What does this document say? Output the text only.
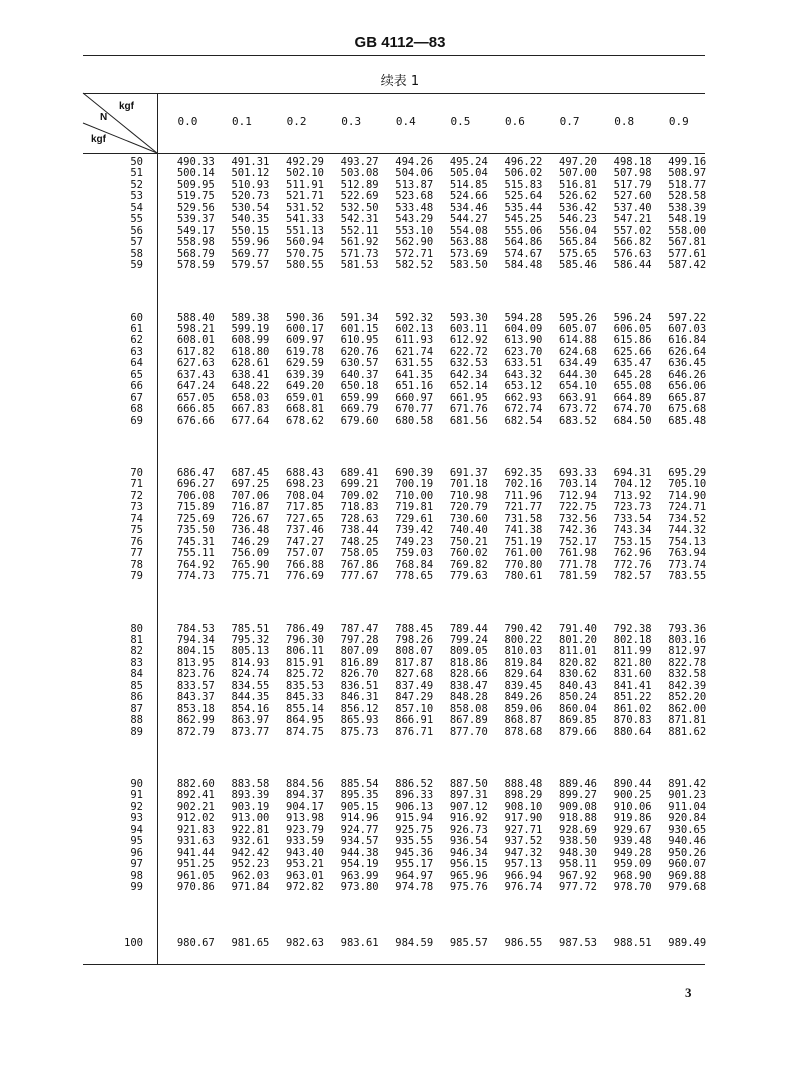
GB 4112—83
续表 1
kgf
N
kgf
0.0	0.1	0.2	0.3	0.4	0.5	0.6	0.7	0.8	0.9
50	490.33	491.31	492.29	493.27	494.26	495.24	496.22	497.20	498.18	499.16
51	500.14	501.12	502.10	503.08	504.06	505.04	506.02	507.00	507.98	508.97
52	509.95	510.93	511.91	512.89	513.87	514.85	515.83	516.81	517.79	518.77
53	519.75	520.73	521.71	522.69	523.68	524.66	525.64	526.62	527.60	528.58
54	529.56	530.54	531.52	532.50	533.48	534.46	535.44	536.42	537.40	538.39
55	539.37	540.35	541.33	542.31	543.29	544.27	545.25	546.23	547.21	548.19
56	549.17	550.15	551.13	552.11	553.10	554.08	555.06	556.04	557.02	558.00
57	558.98	559.96	560.94	561.92	562.90	563.88	564.86	565.84	566.82	567.81
58	568.79	569.77	570.75	571.73	572.71	573.69	574.67	575.65	576.63	577.61
59	578.59	579.57	580.55	581.53	582.52	583.50	584.48	585.46	586.44	587.42
60	588.40	589.38	590.36	591.34	592.32	593.30	594.28	595.26	596.24	597.22
61	598.21	599.19	600.17	601.15	602.13	603.11	604.09	605.07	606.05	607.03
62	608.01	608.99	609.97	610.95	611.93	612.92	613.90	614.88	615.86	616.84
63	617.82	618.80	619.78	620.76	621.74	622.72	623.70	624.68	625.66	626.64
64	627.63	628.61	629.59	630.57	631.55	632.53	633.51	634.49	635.47	636.45
65	637.43	638.41	639.39	640.37	641.35	642.34	643.32	644.30	645.28	646.26
66	647.24	648.22	649.20	650.18	651.16	652.14	653.12	654.10	655.08	656.06
67	657.05	658.03	659.01	659.99	660.97	661.95	662.93	663.91	664.89	665.87
68	666.85	667.83	668.81	669.79	670.77	671.76	672.74	673.72	674.70	675.68
69	676.66	677.64	678.62	679.60	680.58	681.56	682.54	683.52	684.50	685.48
70	686.47	687.45	688.43	689.41	690.39	691.37	692.35	693.33	694.31	695.29
71	696.27	697.25	698.23	699.21	700.19	701.18	702.16	703.14	704.12	705.10
72	706.08	707.06	708.04	709.02	710.00	710.98	711.96	712.94	713.92	714.90
73	715.89	716.87	717.85	718.83	719.81	720.79	721.77	722.75	723.73	724.71
74	725.69	726.67	727.65	728.63	729.61	730.60	731.58	732.56	733.54	734.52
75	735.50	736.48	737.46	738.44	739.42	740.40	741.38	742.36	743.34	744.32
76	745.31	746.29	747.27	748.25	749.23	750.21	751.19	752.17	753.15	754.13
77	755.11	756.09	757.07	758.05	759.03	760.02	761.00	761.98	762.96	763.94
78	764.92	765.90	766.88	767.86	768.84	769.82	770.80	771.78	772.76	773.74
79	774.73	775.71	776.69	777.67	778.65	779.63	780.61	781.59	782.57	783.55
80	784.53	785.51	786.49	787.47	788.45	789.44	790.42	791.40	792.38	793.36
81	794.34	795.32	796.30	797.28	798.26	799.24	800.22	801.20	802.18	803.16
82	804.15	805.13	806.11	807.09	808.07	809.05	810.03	811.01	811.99	812.97
83	813.95	814.93	815.91	816.89	817.87	818.86	819.84	820.82	821.80	822.78
84	823.76	824.74	825.72	826.70	827.68	828.66	829.64	830.62	831.60	832.58
85	833.57	834.55	835.53	836.51	837.49	838.47	839.45	840.43	841.41	842.39
86	843.37	844.35	845.33	846.31	847.29	848.28	849.26	850.24	851.22	852.20
87	853.18	854.16	855.14	856.12	857.10	858.08	859.06	860.04	861.02	862.00
88	862.99	863.97	864.95	865.93	866.91	867.89	868.87	869.85	870.83	871.81
89	872.79	873.77	874.75	875.73	876.71	877.70	878.68	879.66	880.64	881.62
90	882.60	883.58	884.56	885.54	886.52	887.50	888.48	889.46	890.44	891.42
91	892.41	893.39	894.37	895.35	896.33	897.31	898.29	899.27	900.25	901.23
92	902.21	903.19	904.17	905.15	906.13	907.12	908.10	909.08	910.06	911.04
93	912.02	913.00	913.98	914.96	915.94	916.92	917.90	918.88	919.86	920.84
94	921.83	922.81	923.79	924.77	925.75	926.73	927.71	928.69	929.67	930.65
95	931.63	932.61	933.59	934.57	935.55	936.54	937.52	938.50	939.48	940.46
96	941.44	942.42	943.40	944.38	945.36	946.34	947.32	948.30	949.28	950.26
97	951.25	952.23	953.21	954.19	955.17	956.15	957.13	958.11	959.09	960.07
98	961.05	962.03	963.01	963.99	964.97	965.96	966.94	967.92	968.90	969.88
99	970.86	971.84	972.82	973.80	974.78	975.76	976.74	977.72	978.70	979.68
100	980.67	981.65	982.63	983.61	984.59	985.57	986.55	987.53	988.51	989.49
3
